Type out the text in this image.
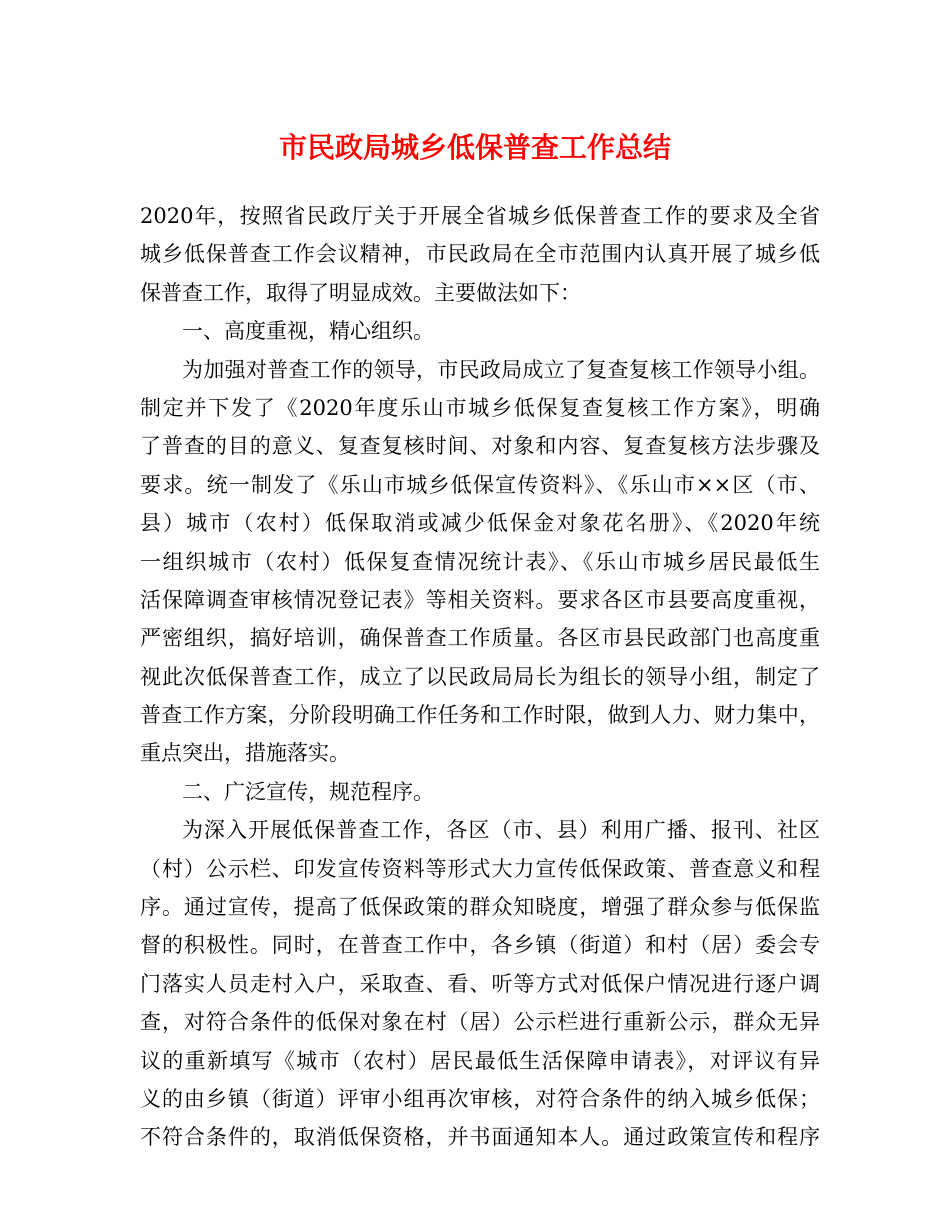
市民政局城乡低保普查工作总结
2020年，按照省民政厅关于开展全省城乡低保普查工作的要求及全省
城乡低保普查工作会议精神，市民政局在全市范围内认真开展了城乡低
保普查工作，取得了明显成效。主要做法如下：
一、高度重视，精心组织。
为加强对普查工作的领导，市民政局成立了复查复核工作领导小组。
制定并下发了《2020年度乐山市城乡低保复查复核工作方案》，明确
了普查的目的意义、复查复核时间、对象和内容、复查复核方法步骤及
要求。统一制发了《乐山市城乡低保宣传资料》、《乐山市××区（市、
县）城市（农村）低保取消或减少低保金对象花名册》、《2020年统
一组织城市（农村）低保复查情况统计表》、《乐山市城乡居民最低生
活保障调查审核情况登记表》等相关资料。要求各区市县要高度重视，
严密组织，搞好培训，确保普查工作质量。各区市县民政部门也高度重
视此次低保普查工作，成立了以民政局局长为组长的领导小组，制定了
普查工作方案，分阶段明确工作任务和工作时限，做到人力、财力集中，
重点突出，措施落实。
二、广泛宣传，规范程序。
为深入开展低保普查工作，各区（市、县）利用广播、报刊、社区
（村）公示栏、印发宣传资料等形式大力宣传低保政策、普查意义和程
序。通过宣传，提高了低保政策的群众知晓度，增强了群众参与低保监
督的积极性。同时，在普查工作中，各乡镇（街道）和村（居）委会专
门落实人员走村入户，采取查、看、听等方式对低保户情况进行逐户调
查，对符合条件的低保对象在村（居）公示栏进行重新公示，群众无异
议的重新填写《城市（农村）居民最低生活保障申请表》，对评议有异
义的由乡镇（街道）评审小组再次审核，对符合条件的纳入城乡低保；
不符合条件的，取消低保资格，并书面通知本人。通过政策宣传和程序
